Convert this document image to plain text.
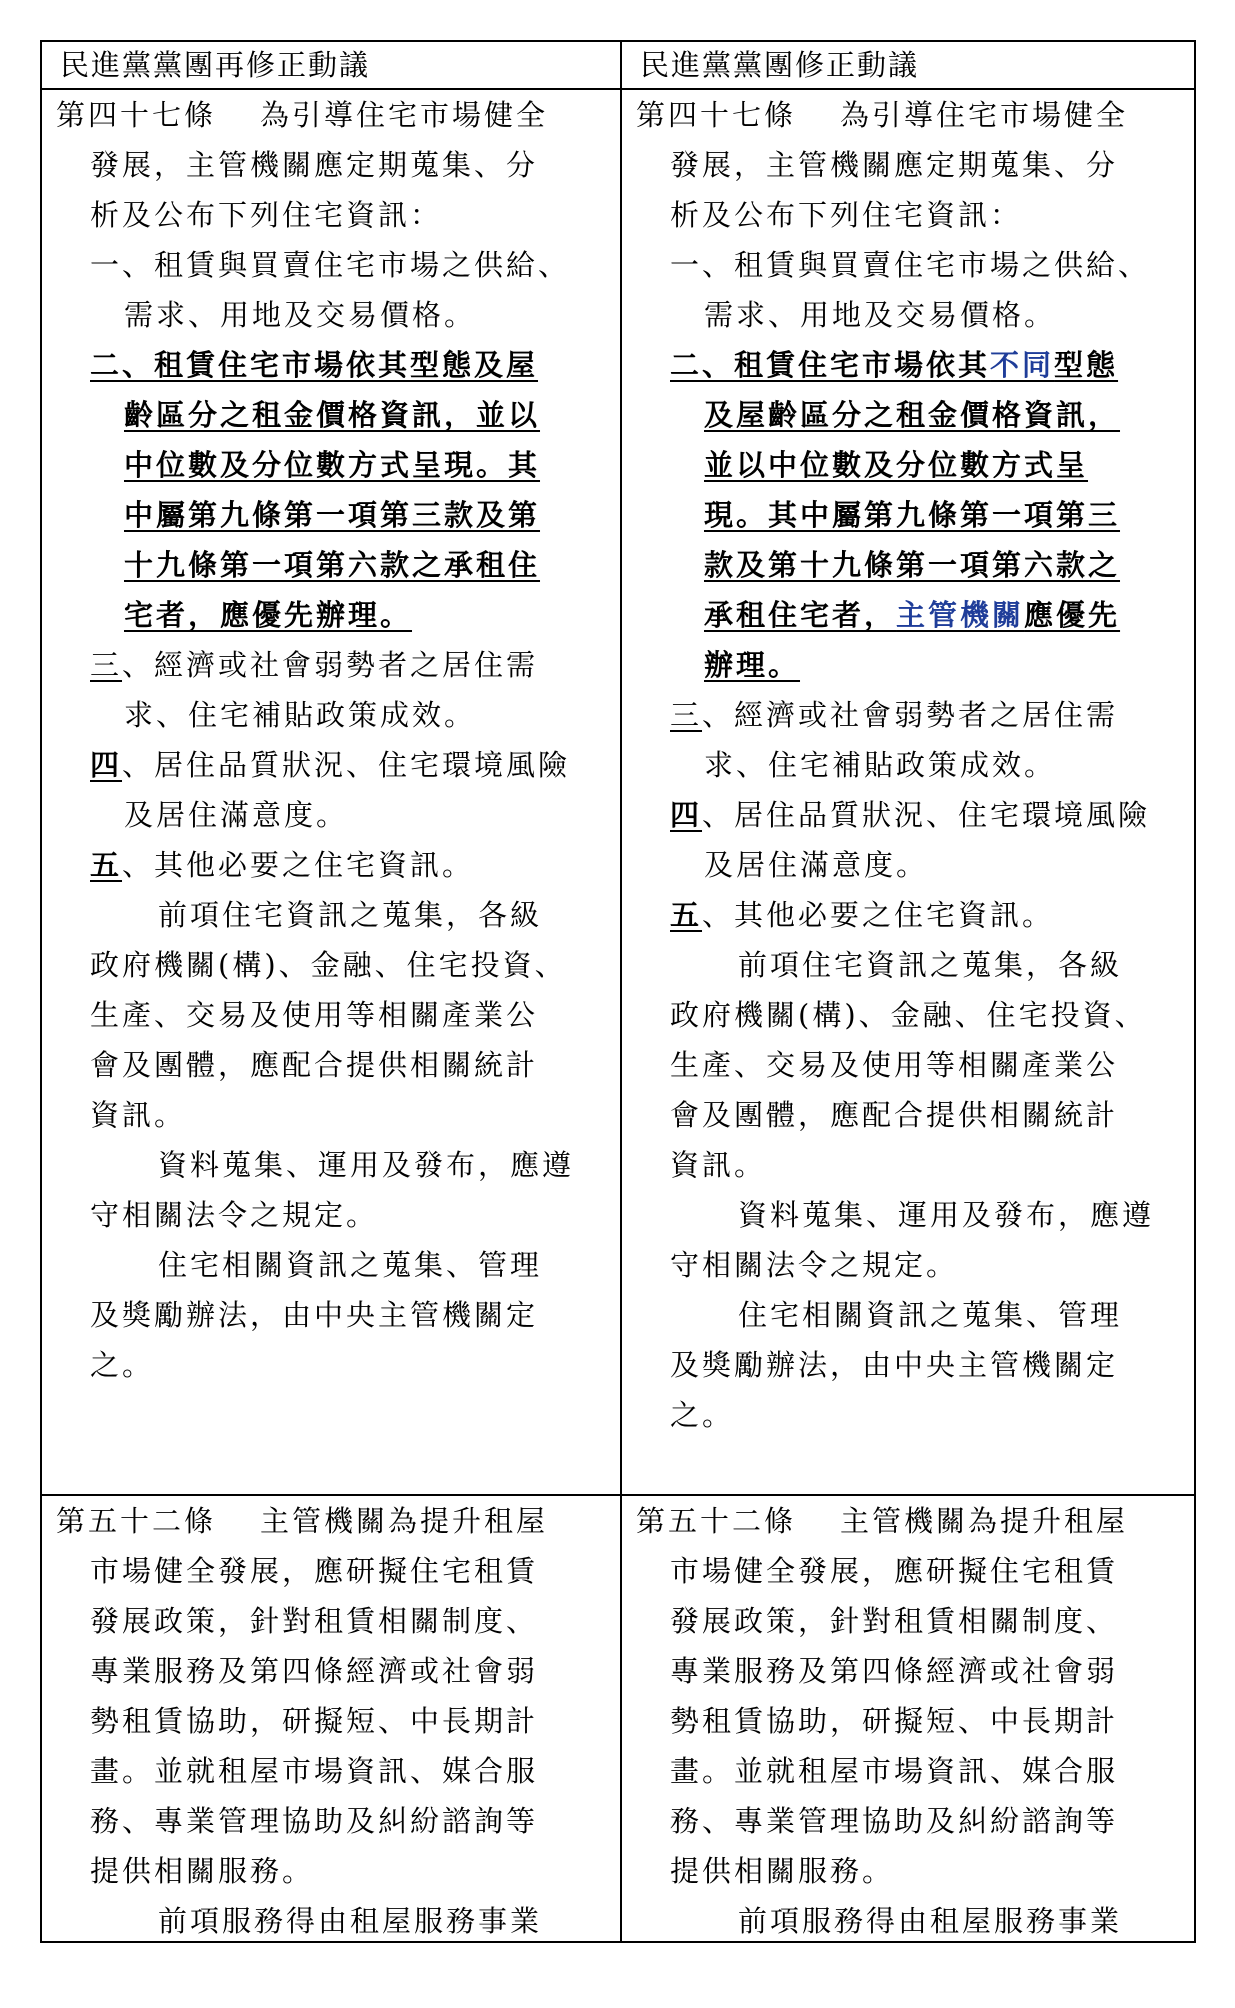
民進黨黨團再修正動議	民進黨黨團修正動議
第四十七條 為引導住宅市場健全
發展，主管機關應定期蒐集、分
析及公布下列住宅資訊：
一、租賃與買賣住宅市場之供給、
需求、用地及交易價格。
二、租賃住宅市場依其型態及屋
齡區分之租金價格資訊，並以
中位數及分位數方式呈現。其
中屬第九條第一項第三款及第
十九條第一項第六款之承租住
宅者，應優先辦理。
三、經濟或社會弱勢者之居住需
求、住宅補貼政策成效。
四、居住品質狀況、住宅環境風險
及居住滿意度。
五、其他必要之住宅資訊。
前項住宅資訊之蒐集，各級
政府機關(構)、金融、住宅投資、
生產、交易及使用等相關產業公
會及團體，應配合提供相關統計
資訊。
資料蒐集、運用及發布，應遵
守相關法令之規定。
住宅相關資訊之蒐集、管理
及獎勵辦法，由中央主管機關定
之。
第四十七條 為引導住宅市場健全
發展，主管機關應定期蒐集、分
析及公布下列住宅資訊：
一、租賃與買賣住宅市場之供給、
需求、用地及交易價格。
二、租賃住宅市場依其不同型態
及屋齡區分之租金價格資訊，
並以中位數及分位數方式呈
現。其中屬第九條第一項第三
款及第十九條第一項第六款之
承租住宅者，主管機關應優先
辦理。
三、經濟或社會弱勢者之居住需
求、住宅補貼政策成效。
四、居住品質狀況、住宅環境風險
及居住滿意度。
五、其他必要之住宅資訊。
前項住宅資訊之蒐集，各級
政府機關(構)、金融、住宅投資、
生產、交易及使用等相關產業公
會及團體，應配合提供相關統計
資訊。
資料蒐集、運用及發布，應遵
守相關法令之規定。
住宅相關資訊之蒐集、管理
及獎勵辦法，由中央主管機關定
之。
第五十二條 主管機關為提升租屋
市場健全發展，應研擬住宅租賃
發展政策，針對租賃相關制度、
專業服務及第四條經濟或社會弱
勢租賃協助，研擬短、中長期計
畫。並就租屋市場資訊、媒合服
務、專業管理協助及糾紛諮詢等
提供相關服務。
前項服務得由租屋服務事業
第五十二條 主管機關為提升租屋
市場健全發展，應研擬住宅租賃
發展政策，針對租賃相關制度、
專業服務及第四條經濟或社會弱
勢租賃協助，研擬短、中長期計
畫。並就租屋市場資訊、媒合服
務、專業管理協助及糾紛諮詢等
提供相關服務。
前項服務得由租屋服務事業
